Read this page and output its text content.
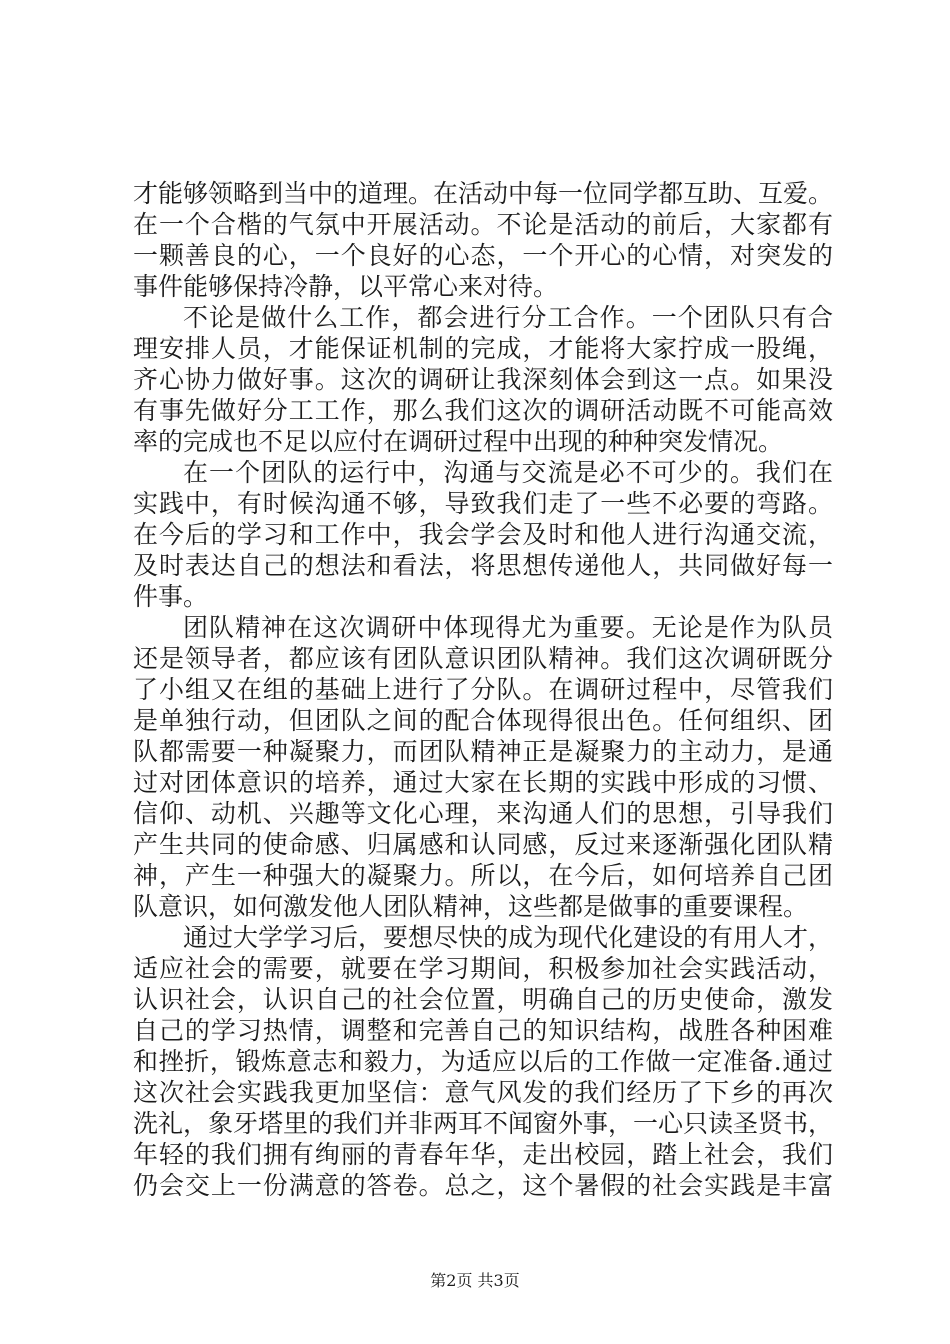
才能够领略到当中的道理。在活动中每一位同学都互助、互爱。
在一个合楷的气氛中开展活动。不论是活动的前后，大家都有
一颗善良的心，一个良好的心态，一个开心的心情，对突发的
事件能够保持冷静，以平常心来对待。
不论是做什么工作，都会进行分工合作。一个团队只有合
理安排人员，才能保证机制的完成，才能将大家拧成一股绳，
齐心协力做好事。这次的调研让我深刻体会到这一点。如果没
有事先做好分工工作，那么我们这次的调研活动既不可能高效
率的完成也不足以应付在调研过程中出现的种种突发情况。
在一个团队的运行中，沟通与交流是必不可少的。我们在
实践中，有时候沟通不够，导致我们走了一些不必要的弯路。
在今后的学习和工作中，我会学会及时和他人进行沟通交流，
及时表达自己的想法和看法，将思想传递他人，共同做好每一
件事。
团队精神在这次调研中体现得尤为重要。无论是作为队员
还是领导者，都应该有团队意识团队精神。我们这次调研既分
了小组又在组的基础上进行了分队。在调研过程中，尽管我们
是单独行动，但团队之间的配合体现得很出色。任何组织、团
队都需要一种凝聚力，而团队精神正是凝聚力的主动力，是通
过对团体意识的培养，通过大家在长期的实践中形成的习惯、
信仰、动机、兴趣等文化心理，来沟通人们的思想，引导我们
产生共同的使命感、归属感和认同感，反过来逐渐强化团队精
神，产生一种强大的凝聚力。所以，在今后，如何培养自己团
队意识，如何激发他人团队精神，这些都是做事的重要课程。
通过大学学习后，要想尽快的成为现代化建设的有用人才，
适应社会的需要，就要在学习期间，积极参加社会实践活动，
认识社会，认识自己的社会位置，明确自己的历史使命，激发
自己的学习热情，调整和完善自己的知识结构，战胜各种困难
和挫折，锻炼意志和毅力，为适应以后的工作做一定准备.通过
这次社会实践我更加坚信：意气风发的我们经历了下乡的再次
洗礼，象牙塔里的我们并非两耳不闻窗外事，一心只读圣贤书，
年轻的我们拥有绚丽的青春年华，走出校园，踏上社会，我们
仍会交上一份满意的答卷。总之，这个暑假的社会实践是丰富
第2页 共3页
